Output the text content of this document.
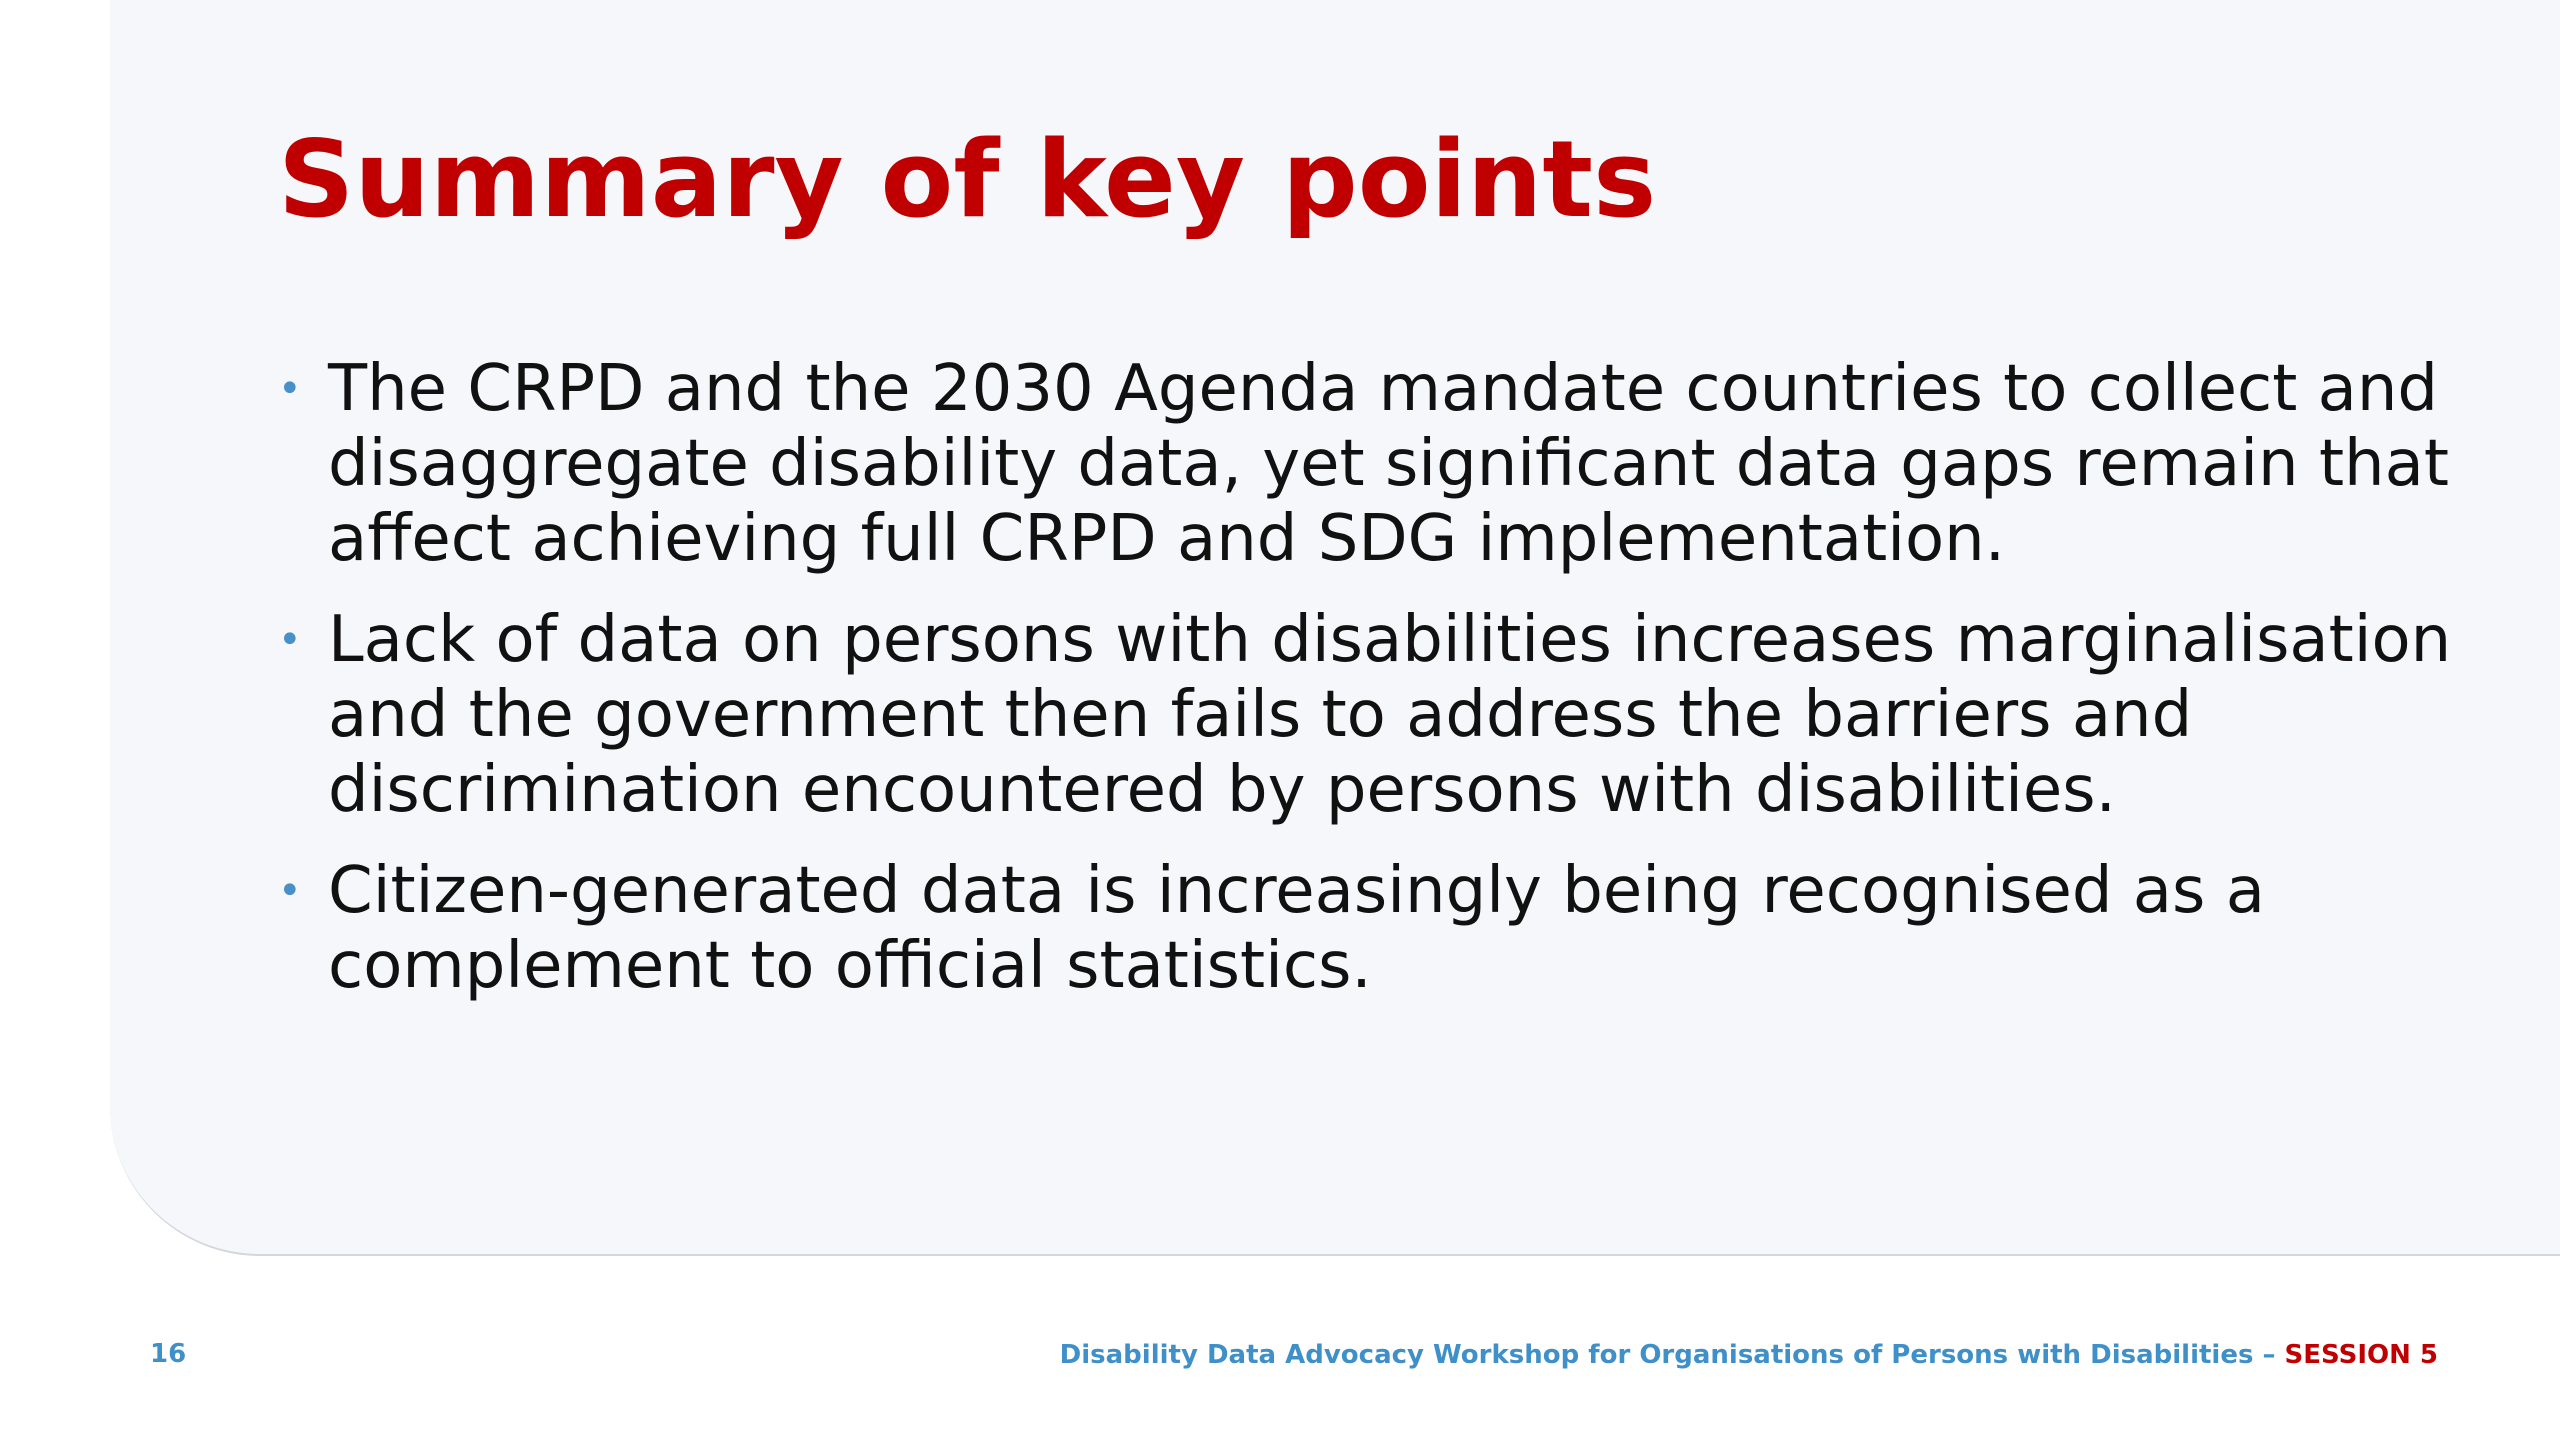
Summary of key points
• The CRPD and the 2030 Agenda mandate countries to collect and disaggregate disability data, yet significant data gaps remain that affect achieving full CRPD and SDG implementation.
• Lack of data on persons with disabilities increases marginalisation and the government then fails to address the barriers and discrimination encountered by persons with disabilities.
• Citizen-generated data is increasingly being recognised as a complement to official statistics.
16	Disability Data Advocacy Workshop for Organisations of Persons with Disabilities – SESSION 5
